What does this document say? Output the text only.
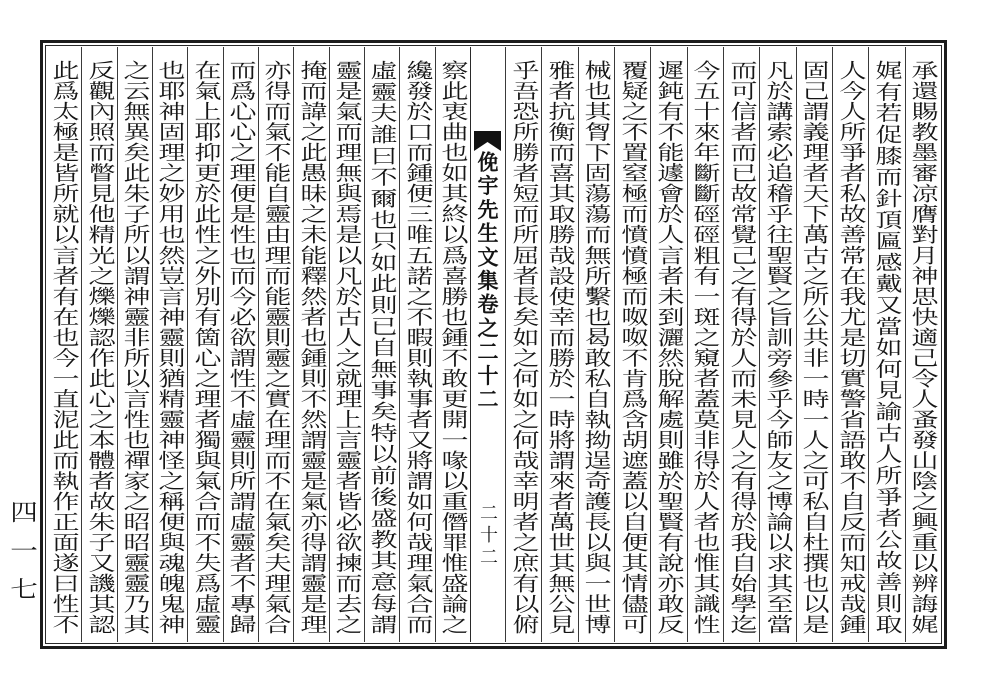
承還賜教墨審凉膺對月神思快適己令人蚤發山陰之興重以辨誨娓
娓有若促膝而針頂匾感戴又當如何見諭古人所爭者公故善則取
人今人所爭者私故善常在我尤是切實警省語敢不自反而知戒哉鍾
固己謂義理者天下萬古之所公共非一時一人之可私自杜撰也以是
凡於講索必追稽乎往聖賢之旨訓旁參乎今師友之博論以求其至當
而可信者而已故常覺己之有得於人而未見人之有得於我自始學迄
今五十來年斷斷硜硜粗有一斑之窺者蓋莫非得於人者也惟其識性
遲鈍有不能遽會於人言者未到灑然脫解處則雖於聖賢有說亦敢反
覆疑之不置窒極而憤憤極而呶呶不肯爲含胡遮蓋以自便其情儘可
械也其胷下固蕩蕩而無所繫也曷敢私自執拗逞奇護長以與一世博
雅者抗衡而喜其取勝哉設使幸而勝於一時將謂來者萬世其無公見
乎吾恐所勝者短而所屈者長矣如之何如之何哉幸明者之庶有以俯
俛宇先生文集卷之二十二
二十二
察此衷曲也如其終以爲喜勝也鍾不敢更開一喙以重僭罪惟盛論之
纔發於口而鍾便三唯五諾之不暇則執事者又將謂如何哉理氣合而
虛靈夫誰曰不爾也只如此則已自無事矣特以前後盛教其意每謂
靈是氣而理無與焉是以凡於古人之就理上言靈者皆必欲揀而去之
掩而諱之此愚昧之未能釋然者也鍾則不然謂靈是氣亦得謂靈是理
亦得而氣不能自靈由理而能靈則靈之實在理而不在氣矣夫理氣合
而爲心心之理便是性也而今必欲謂性不虛靈則所謂虛靈者不專歸
在氣上耶抑更於此性之外別有箇心之理者獨與氣合而不失爲虛靈
也耶神固理之妙用也然豈言神靈則猶精靈神怪之稱便與魂魄鬼神
之云無異矣此朱子所以謂神靈非所以言性也禪家之昭昭靈靈乃其
反觀內照而瞥見他精光之爍爍認作此心之本體者故朱子又譏其認
此爲太極是皆所就以言者有在也今一直泥此而執作正面遂曰性不
四一七
